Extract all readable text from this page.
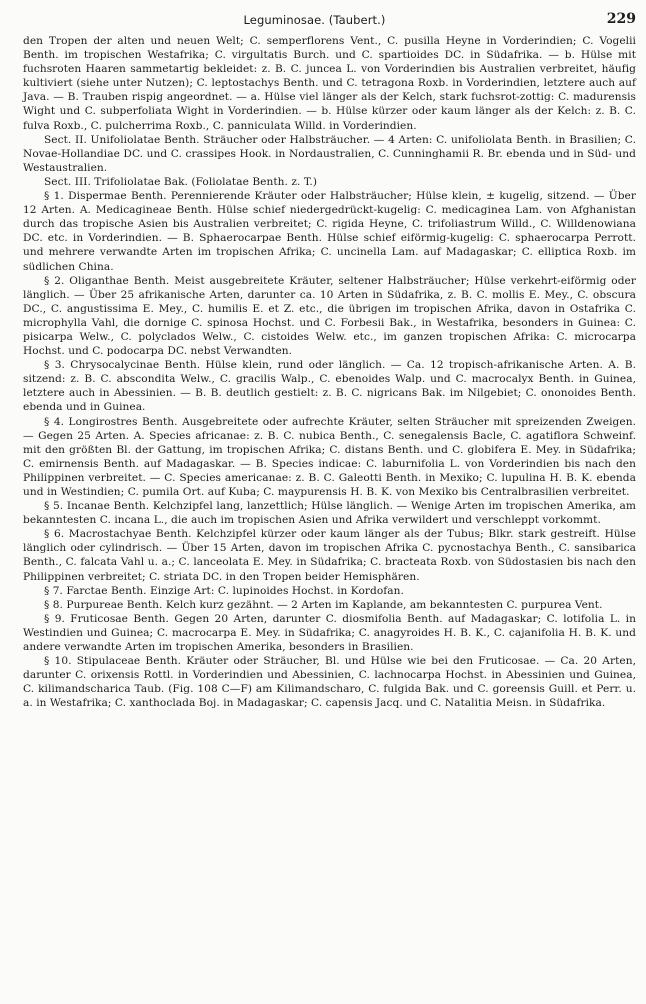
Leguminosae. (Taubert.)	229

den Tropen der alten und neuen Welt; C. semperflorens Vent., C. pusilla Heyne in Vorderindien; C. Vogelii Benth. im tropischen Westafrika; C. virgultatis Burch. und C. spartioides DC. in Südafrika. — b. Hülse mit fuchsroten Haaren sammetartig bekleidet: z. B. C. juncea L. von Vorderindien bis Australien verbreitet, häufig kultiviert (siehe unter Nutzen); C. leptostachys Benth. und C. tetragona Roxb. in Vorderindien, letztere auch auf Java. — B. Trauben rispig angeordnet. — a. Hülse viel länger als der Kelch, stark fuchsrot-zottig: C. madurensis Wight und C. subperfoliata Wight in Vorderindien. — b. Hülse kürzer oder kaum länger als der Kelch: z. B. C. fulva Roxb., C. pulcherrima Roxb., C. panniculata Willd. in Vorderindien.

Sect. II. Unifoliolatae Benth. Sträucher oder Halbsträucher. — 4 Arten: C. unifoliolata Benth. in Brasilien; C. Novae-Hollandiae DC. und C. crassipes Hook. in Nordaustralien, C. Cunninghamii R. Br. ebenda und in Süd- und Westaustralien.

Sect. III. Trifoliolatae Bak. (Foliolatae Benth. z. T.)

§ 1. Dispermae Benth. Perennierende Kräuter oder Halbsträucher; Hülse klein, ± kugelig, sitzend. — Über 12 Arten. A. Medicagineae Benth. Hülse schief niedergedrückt-kugelig: C. medicaginea Lam. von Afghanistan durch das tropische Asien bis Australien verbreitet; C. rigida Heyne, C. trifoliastrum Willd., C. Willdenowiana DC. etc. in Vorderindien. — B. Sphaerocarpae Benth. Hülse schief eiförmig-kugelig: C. sphaerocarpa Perrott. und mehrere verwandte Arten im tropischen Afrika; C. uncinella Lam. auf Madagaskar; C. elliptica Roxb. im südlichen China.

§ 2. Oliganthae Benth. Meist ausgebreitete Kräuter, seltener Halbsträucher; Hülse verkehrt-eiförmig oder länglich. — Über 25 afrikanische Arten, darunter ca. 10 Arten in Südafrika, z. B. C. mollis E. Mey., C. obscura DC., C. angustissima E. Mey., C. humilis E. et Z. etc., die übrigen im tropischen Afrika, davon in Ostafrika C. microphylla Vahl, die dornige C. spinosa Hochst. und C. Forbesii Bak., in Westafrika, besonders in Guinea: C. pisicarpa Welw., C. polyclados Welw., C. cistoides Welw. etc., im ganzen tropischen Afrika: C. microcarpa Hochst. und C. podocarpa DC. nebst Verwandten.

§ 3. Chrysocalycinae Benth. Hülse klein, rund oder länglich. — Ca. 12 tropisch-afrikanische Arten. A. B. sitzend: z. B. C. abscondita Welw., C. gracilis Walp., C. ebenoides Walp. und C. macrocalyx Benth. in Guinea, letztere auch in Abessinien. — B. B. deutlich gestielt: z. B. C. nigricans Bak. im Nilgebiet; C. ononoides Benth. ebenda und in Guinea.

§ 4. Longirostres Benth. Ausgebreitete oder aufrechte Kräuter, selten Sträucher mit spreizenden Zweigen. — Gegen 25 Arten. A. Species africanae: z. B. C. nubica Benth., C. senegalensis Bacle, C. agatiflora Schweinf. mit den größten Bl. der Gattung, im tropischen Afrika; C. distans Benth. und C. globifera E. Mey. in Südafrika; C. emirnensis Benth. auf Madagaskar. — B. Species indicae: C. laburnifolia L. von Vorderindien bis nach den Philippinen verbreitet. — C. Species americanae: z. B. C. Galeotti Benth. in Mexiko; C. lupulina H. B. K. ebenda und in Westindien; C. pumila Ort. auf Kuba; C. maypurensis H. B. K. von Mexiko bis Centralbrasilien verbreitet.

§ 5. Incanae Benth. Kelchzipfel lang, lanzettlich; Hülse länglich. — Wenige Arten im tropischen Amerika, am bekanntesten C. incana L., die auch im tropischen Asien und Afrika verwildert und verschleppt vorkommt.

§ 6. Macrostachyae Benth. Kelchzipfel kürzer oder kaum länger als der Tubus; Blkr. stark gestreift. Hülse länglich oder cylindrisch. — Über 15 Arten, davon im tropischen Afrika C. pycnostachya Benth., C. sansibarica Benth., C. falcata Vahl u. a.; C. lanceolata E. Mey. in Südafrika; C. bracteata Roxb. von Südostasien bis nach den Philippinen verbreitet; C. striata DC. in den Tropen beider Hemisphären.

§ 7. Farctae Benth. Einzige Art: C. lupinoides Hochst. in Kordofan.

§ 8. Purpureae Benth. Kelch kurz gezähnt. — 2 Arten im Kaplande, am bekanntesten C. purpurea Vent.

§ 9. Fruticosae Benth. Gegen 20 Arten, darunter C. diosmifolia Benth. auf Madagaskar; C. lotifolia L. in Westindien und Guinea; C. macrocarpa E. Mey. in Südafrika; C. anagyroides H. B. K., C. cajanifolia H. B. K. und andere verwandte Arten im tropischen Amerika, besonders in Brasilien.

§ 10. Stipulaceae Benth. Kräuter oder Sträucher, Bl. und Hülse wie bei den Fruticosae. — Ca. 20 Arten, darunter C. orixensis Rottl. in Vorderindien und Abessinien, C. lachnocarpa Hochst. in Abessinien und Guinea, C. kilimandscharica Taub. (Fig. 108 C—F) am Kilimandscharo, C. fulgida Bak. und C. goreensis Guill. et Perr. u. a. in Westafrika; C. xanthoclada Boj. in Madagaskar; C. capensis Jacq. und C. Natalitia Meisn. in Südafrika.
